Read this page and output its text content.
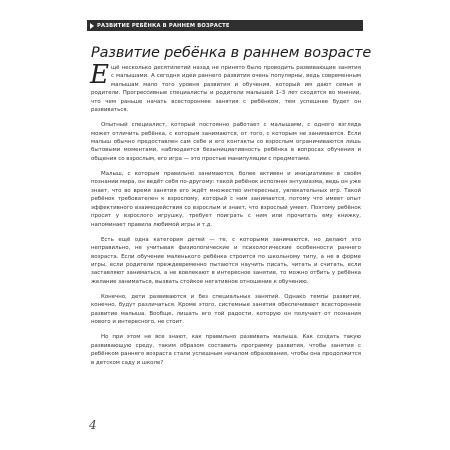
РАЗВИТИЕ РЕБЁНКА В РАННЕМ ВОЗРАСТЕ
Развитие ребёнка в раннем возрасте

Ещё несколько десятилетий назад не принято было проводить развивающие занятия с малышами. А сегодня идеи раннего развития очень популярны, ведь современным малышам мало того уровня развития и обучения, который им дают семья и родители. Прогрессивные специалисты и родители малышей 1–3 лет сходятся во мнении, что чем раньше начать всестороннее занятия с ребёнком, тем успешнее будет он развиваться.

Опытный специалист, который постоянно работает с малышами, с одного взгляда может отличить ребёнка, с которым занимаются, от того, с которым не занимаются. Если малыш обычно предоставлен сам себе и его контакты со взрослым ограничиваются лишь бытовыми моментами, наблюдается безынициативность ребёнка в вопросах обучения и общения со взрослым, его игра — это простые манипуляции с предметами.

Малыш, с которым правильно занимаются, более активен и инициативен в своём познании мира, он ведёт себя по-другому: такой ребёнок исполнен энтузиазма, ведь он уже знает, что во время занятия его ждёт множество интересных, увлекательных игр. Такой ребёнок требователен к взрослому, который с ним занимается, потому что имеет опыт эффективного взаимодействия со взрослым и знает, что взрослый умеет. Поэтому ребёнок просит у взрослого игрушку, требует поиграть с ним или прочитать ему книжку, напоминает правила любимой игры и т.д.

Есть ещё одна категория детей — те, с которыми занимаются, но делают это неправильно, не учитывая физиологические и психологические особенности раннего возраста. Если обучение маленького ребёнка строится по школьному типу, а не в форме игры, если родители преждевременно пытаются научить писать, читать и считать, если заставляют заниматься, а не вовлекают в интересное занятие, то можно отбить у ребёнка желание заниматься, вызвать стойкое негативное отношение к обучению.

Конечно, дети развиваются и без специальных занятий. Однако темпы развития, конечно, будут различаться. Кроме этого, системные занятия обеспечивают всестороннее развитие малыша. Вообще, лишать его той радости, которую он получает от познания нового и интересного, не стоит.

Но при этом не все знают, как правильно развивать малыша. Как создать такую развивающую среду, таким образом составить программу развития, чтобы занятия с ребёнком раннего возраста стали успешным началом образования, чтобы она продолжится в детском саду и школе?

4
